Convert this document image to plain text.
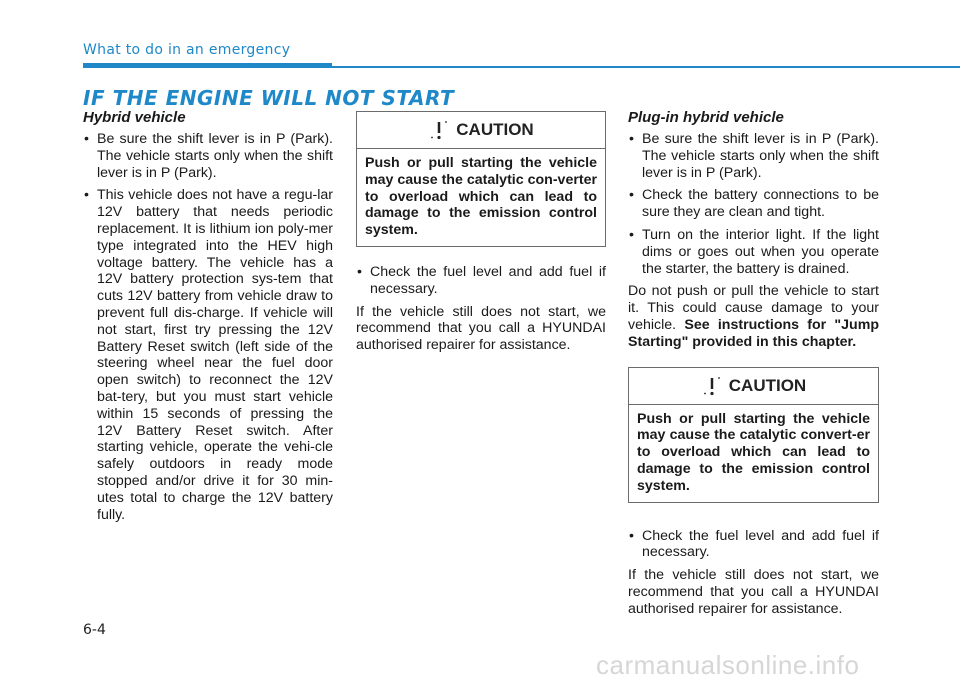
What to do in an emergency
IF THE ENGINE WILL NOT START
Hybrid vehicle
• Be sure the shift lever is in P (Park). The vehicle starts only when the shift lever is in P (Park).
• This vehicle does not have a regu-lar 12V battery that needs periodic replacement. It is lithium ion poly-mer type integrated into the HEV high voltage battery. The vehicle has a 12V battery protection sys-tem that cuts 12V battery from vehicle draw to prevent full dis-charge. If vehicle will not start, first try pressing the 12V Battery Reset switch (left side of the steering wheel near the fuel door open switch) to reconnect the 12V bat-tery, but you must start vehicle within 15 seconds of pressing the 12V Battery Reset switch. After starting vehicle, operate the vehi-cle safely outdoors in ready mode stopped and/or drive it for 30 min-utes total to charge the 12V battery fully.
CAUTION
Push or pull starting the vehicle may cause the catalytic con-verter to overload which can lead to damage to the emission control system.
• Check the fuel level and add fuel if necessary.

If the vehicle still does not start, we recommend that you call a HYUNDAI authorised repairer for assistance.

Plug-in hybrid vehicle
• Be sure the shift lever is in P (Park). The vehicle starts only when the shift lever is in P (Park).
• Check the battery connections to be sure they are clean and tight.
• Turn on the interior light. If the light dims or goes out when you operate the starter, the battery is drained.

Do not push or pull the vehicle to start it. This could cause damage to your vehicle. See instructions for "Jump Starting" provided in this chapter.

CAUTION
Push or pull starting the vehicle may cause the catalytic convert-er to overload which can lead to damage to the emission control system.
• Check the fuel level and add fuel if necessary.

If the vehicle still does not start, we recommend that you call a HYUNDAI authorised repairer for assistance.

6-4
carmanualsonline.info
